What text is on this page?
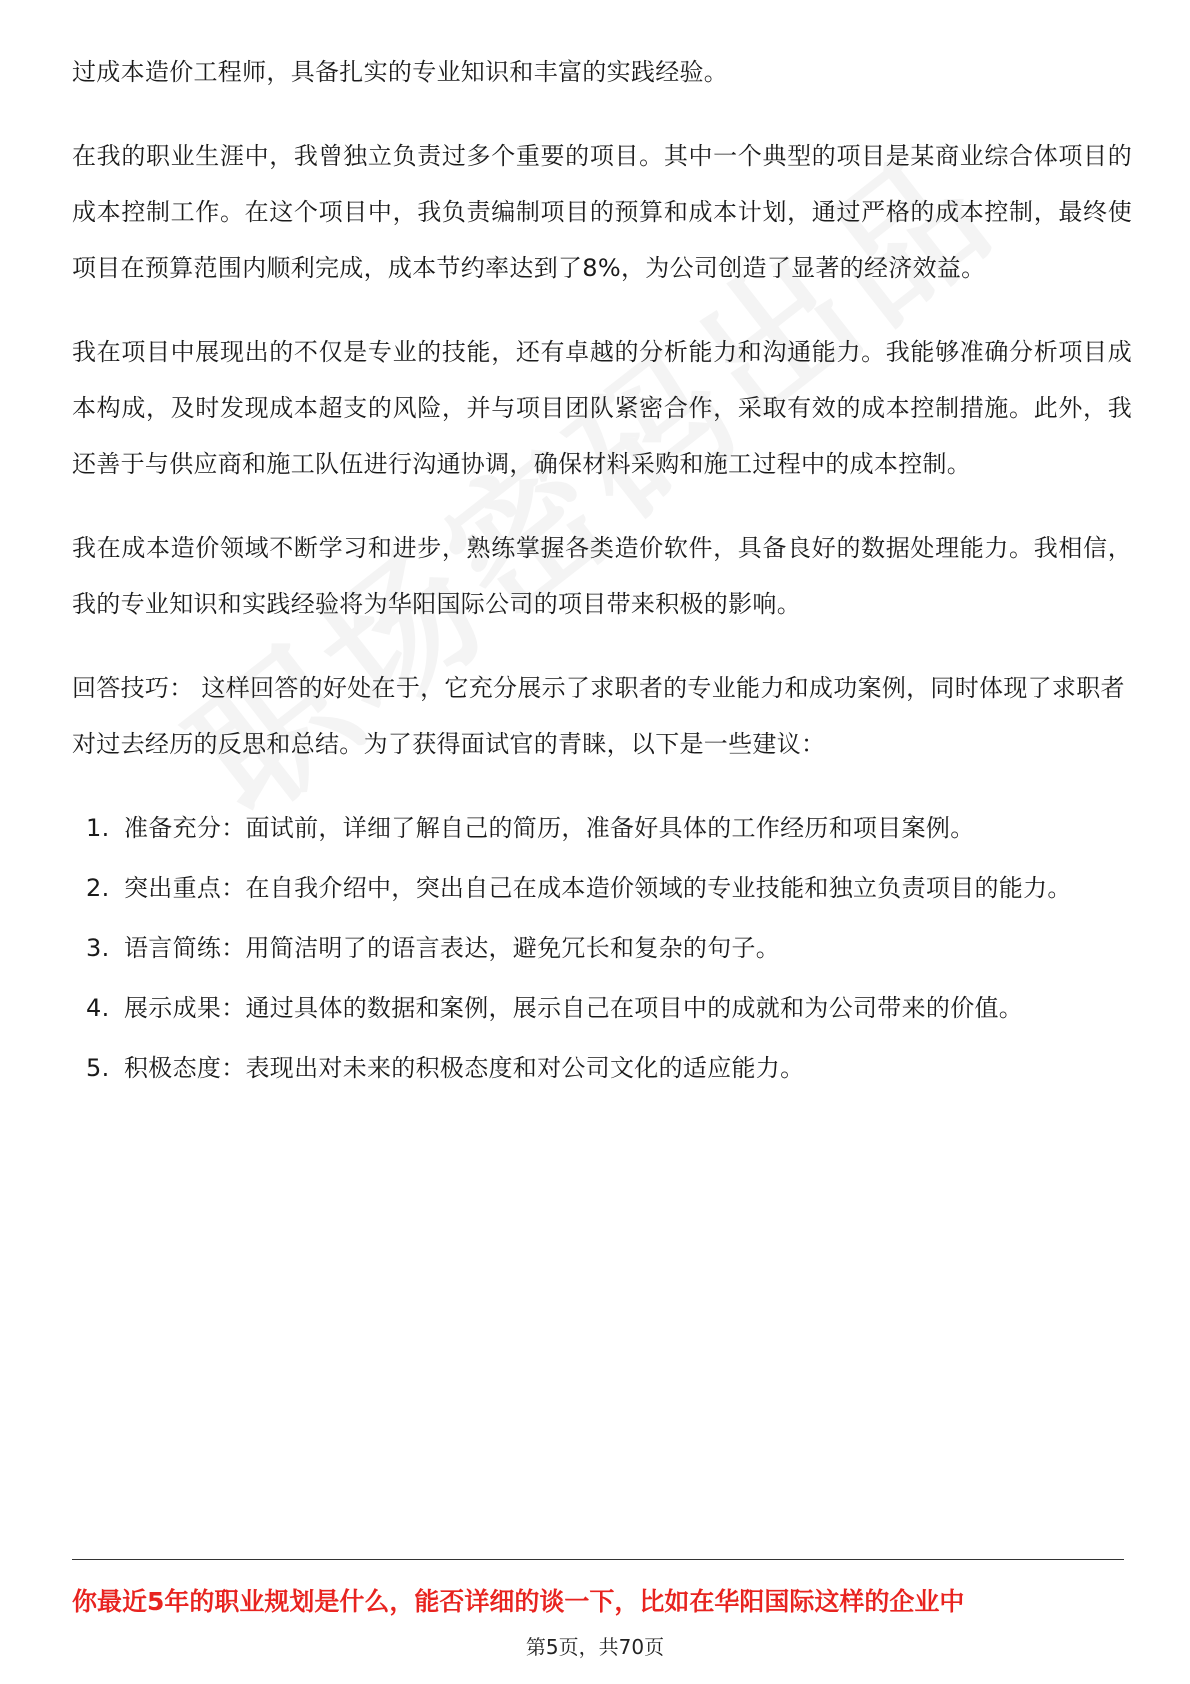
过成本造价工程师，具备扎实的专业知识和丰富的实践经验。

在我的职业生涯中，我曾独立负责过多个重要的项目。其中一个典型的项目是某商业综合体项目的成本控制工作。在这个项目中，我负责编制项目的预算和成本计划，通过严格的成本控制，最终使项目在预算范围内顺利完成，成本节约率达到了8%，为公司创造了显著的经济效益。

我在项目中展现出的不仅是专业的技能，还有卓越的分析能力和沟通能力。我能够准确分析项目成本构成，及时发现成本超支的风险，并与项目团队紧密合作，采取有效的成本控制措施。此外，我还善于与供应商和施工队伍进行沟通协调，确保材料采购和施工过程中的成本控制。

我在成本造价领域不断学习和进步，熟练掌握各类造价软件，具备良好的数据处理能力。我相信，我的专业知识和实践经验将为华阳国际公司的项目带来积极的影响。

回答技巧： 这样回答的好处在于，它充分展示了求职者的专业能力和成功案例，同时体现了求职者对过去经历的反思和总结。为了获得面试官的青睐，以下是一些建议：

1. 准备充分：面试前，详细了解自己的简历，准备好具体的工作经历和项目案例。
2. 突出重点：在自我介绍中，突出自己在成本造价领域的专业技能和独立负责项目的能力。
3. 语言简练：用简洁明了的语言表达，避免冗长和复杂的句子。
4. 展示成果：通过具体的数据和案例，展示自己在项目中的成就和为公司带来的价值。
5. 积极态度：表现出对未来的积极态度和对公司文化的适应能力。
你最近5年的职业规划是什么，能否详细的谈一下，比如在华阳国际这样的企业中
第5页，共70页
